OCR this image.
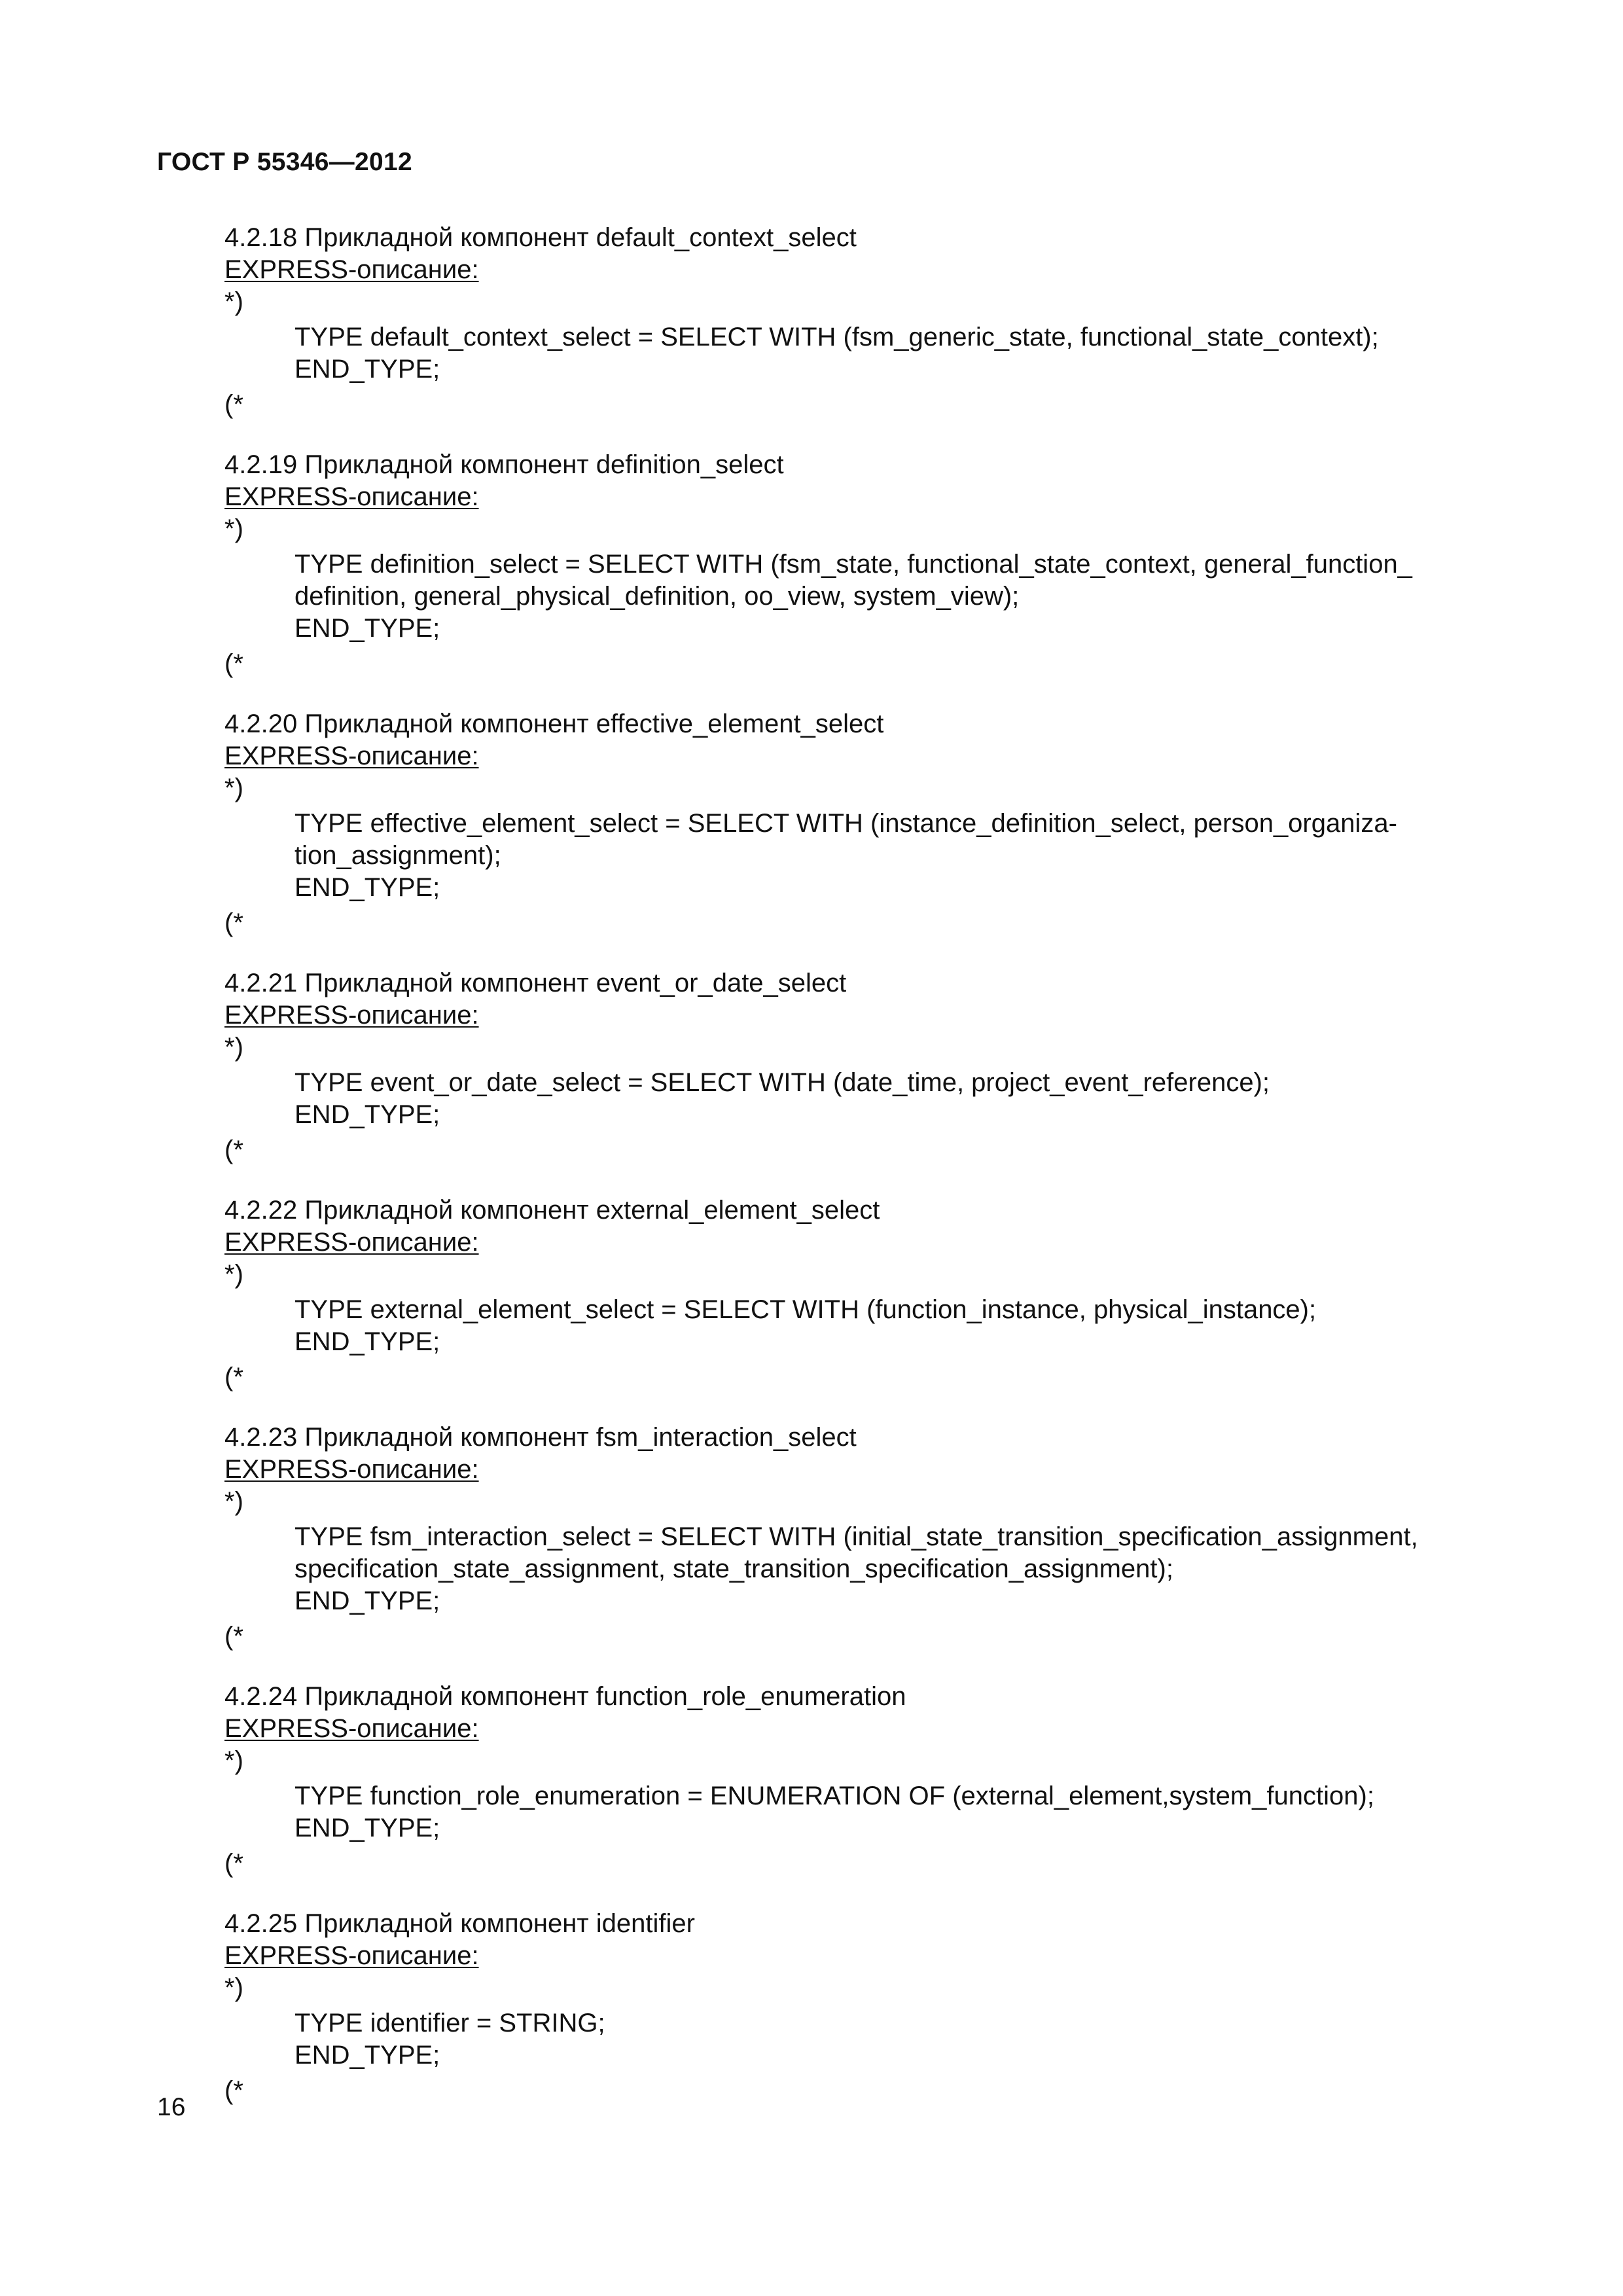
ГОСТ Р 55346—2012
4.2.18 Прикладной компонент default_context_select
EXPRESS-описание:
*)
TYPE default_context_select = SELECT WITH (fsm_generic_state, functional_state_context);
END_TYPE;
(*
4.2.19 Прикладной компонент definition_select
EXPRESS-описание:
*)
TYPE definition_select = SELECT WITH (fsm_state, functional_state_context, general_function_
definition, general_physical_definition, oo_view, system_view);
END_TYPE;
(*
4.2.20 Прикладной компонент effective_element_select
EXPRESS-описание:
*)
TYPE effective_element_select = SELECT WITH (instance_definition_select, person_organiza-
tion_assignment);
END_TYPE;
(*
4.2.21 Прикладной компонент event_or_date_select
EXPRESS-описание:
*)
TYPE event_or_date_select = SELECT WITH (date_time, project_event_reference);
END_TYPE;
(*
4.2.22 Прикладной компонент external_element_select
EXPRESS-описание:
*)
TYPE external_element_select = SELECT WITH (function_instance, physical_instance);
END_TYPE;
(*
4.2.23 Прикладной компонент fsm_interaction_select
EXPRESS-описание:
*)
TYPE fsm_interaction_select = SELECT WITH (initial_state_transition_specification_assignment,
specification_state_assignment, state_transition_specification_assignment);
END_TYPE;
(*
4.2.24 Прикладной компонент function_role_enumeration
EXPRESS-описание:
*)
TYPE function_role_enumeration = ENUMERATION OF (external_element,system_function);
END_TYPE;
(*
4.2.25 Прикладной компонент identifier
EXPRESS-описание:
*)
TYPE identifier = STRING;
END_TYPE;
(*
16
